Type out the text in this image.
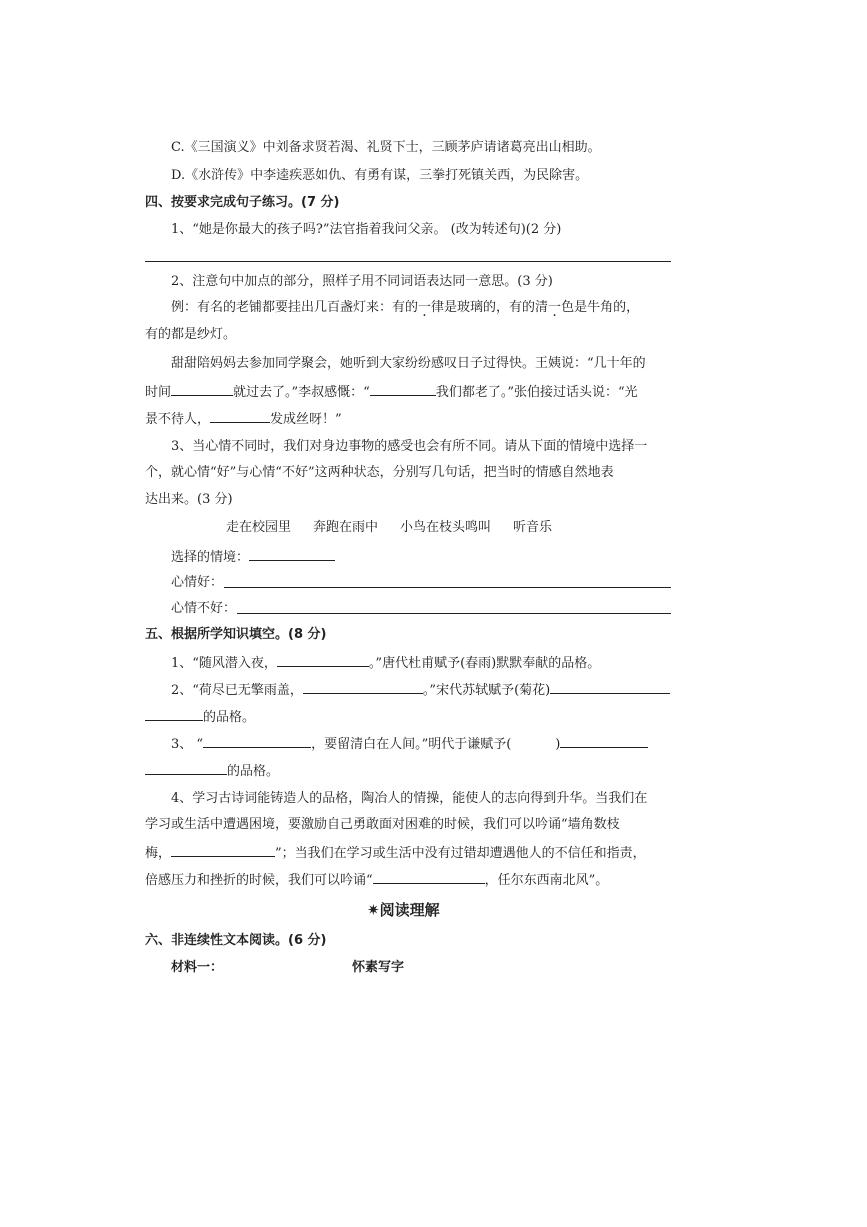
C.《三国演义》中刘备求贤若渴、礼贤下士，三顾茅庐请诸葛亮出山相助。
D.《水浒传》中李逵疾恶如仇、有勇有谋，三拳打死镇关西，为民除害。
四、按要求完成句子练习。(7 分)
1、“她是你最大的孩子吗?”法官指着我问父亲。 (改为转述句)(2 分)
2、注意句中加点的部分，照样子用不同词语表达同一意思。(3 分)
例：有名的老铺都要挂出几百盏灯来：有的一律是玻璃的，有的清一色是牛角的，
有的都是纱灯。
甜甜陪妈妈去参加同学聚会，她听到大家纷纷感叹日子过得快。王姨说：“几十年的
时间	就过去了。”李叔感慨：“	我们都老了。”张伯接过话头说：“光
景不待人，	发成丝呀！”
3、当心情不同时，我们对身边事物的感受也会有所不同。请从下面的情境中选择一
个，就心情“好”与心情“不好”这两种状态，分别写几句话，把当时的情感自然地表
达出来。(3 分)
走在校园里 奔跑在雨中 小鸟在枝头鸣叫 听音乐
选择的情境：
心情好：
心情不好：
五、根据所学知识填空。(8 分)
1、“随风潜入夜，	。”唐代杜甫赋予(春雨)默默奉献的品格。
2、“荷尽已无擎雨盖，	。”宋代苏轼赋予(菊花)
的品格。
3、 “	，要留清白在人间。”明代于谦赋予(	)
的品格。
4、学习古诗词能铸造人的品格，陶冶人的情操，能使人的志向得到升华。当我们在
学习或生活中遭遇困境，要激励自己勇敢面对困难的时候，我们可以吟诵“墙角数枝
梅，	”；当我们在学习或生活中没有过错却遭遇他人的不信任和指责，
倍感压力和挫折的时候，我们可以吟诵“	，任尔东西南北风”。
✷阅读理解
六、非连续性文本阅读。(6 分)
材料一：	怀素写字
